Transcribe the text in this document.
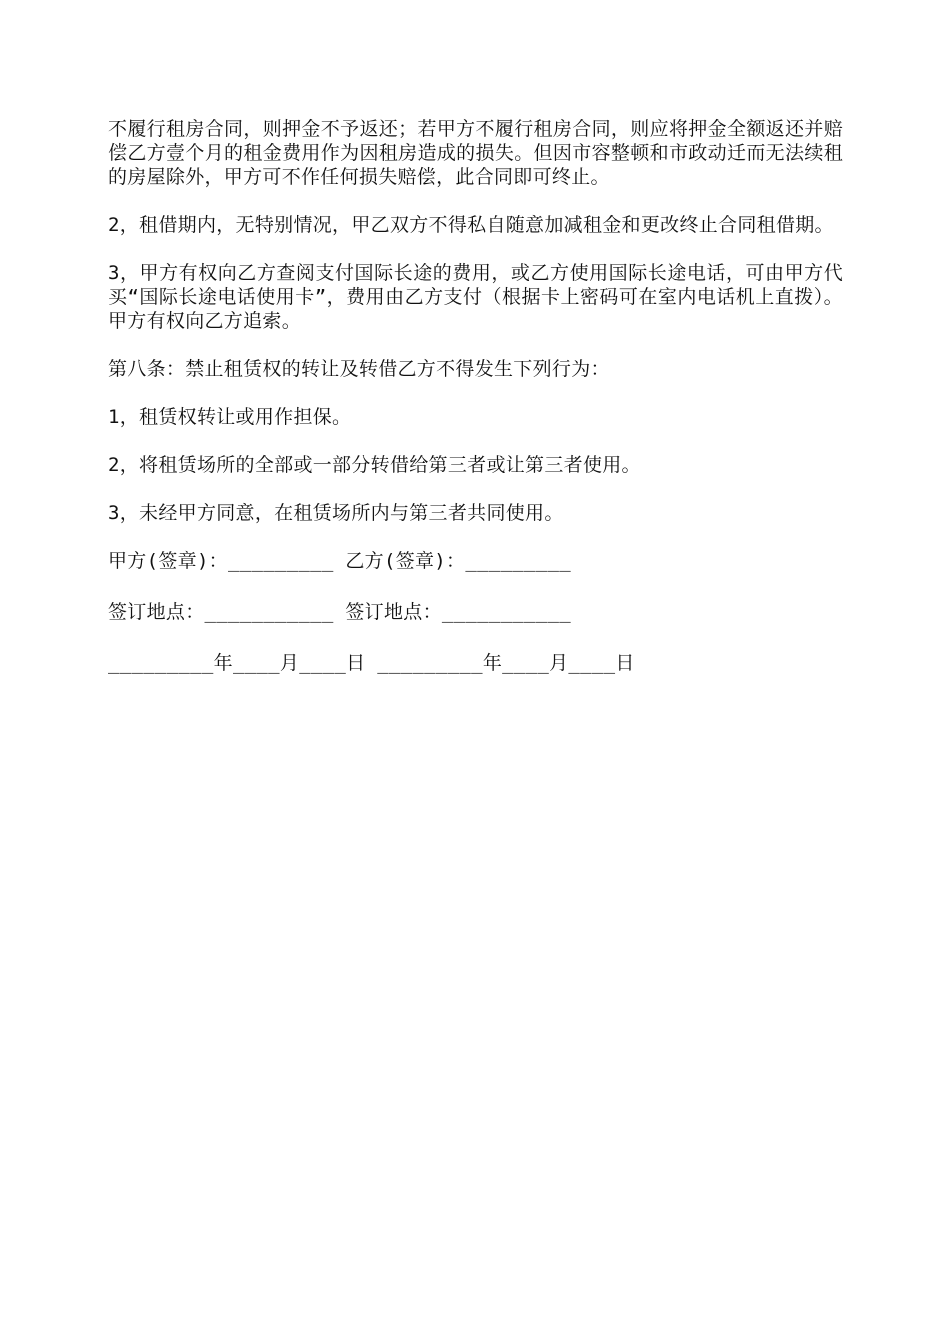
不履行租房合同，则押金不予返还；若甲方不履行租房合同，则应将押金全额返还并赔偿乙方壹个月的租金费用作为因租房造成的损失。但因市容整顿和市政动迁而无法续租的房屋除外，甲方可不作任何损失赔偿，此合同即可终止。

2，租借期内，无特别情况，甲乙双方不得私自随意加减租金和更改终止合同租借期。

3，甲方有权向乙方查阅支付国际长途的费用，或乙方使用国际长途电话，可由甲方代买“国际长途电话使用卡”，费用由乙方支付（根据卡上密码可在室内电话机上直拨）。甲方有权向乙方追索。

第八条：禁止租赁权的转让及转借乙方不得发生下列行为：

1，租赁权转让或用作担保。

2，将租赁场所的全部或一部分转借给第三者或让第三者使用。

3，未经甲方同意，在租赁场所内与第三者共同使用。

甲方(签章)：_________ 乙方(签章)：_________
签订地点：___________ 签订地点：___________
_________年____月____日 _________年____月____日
